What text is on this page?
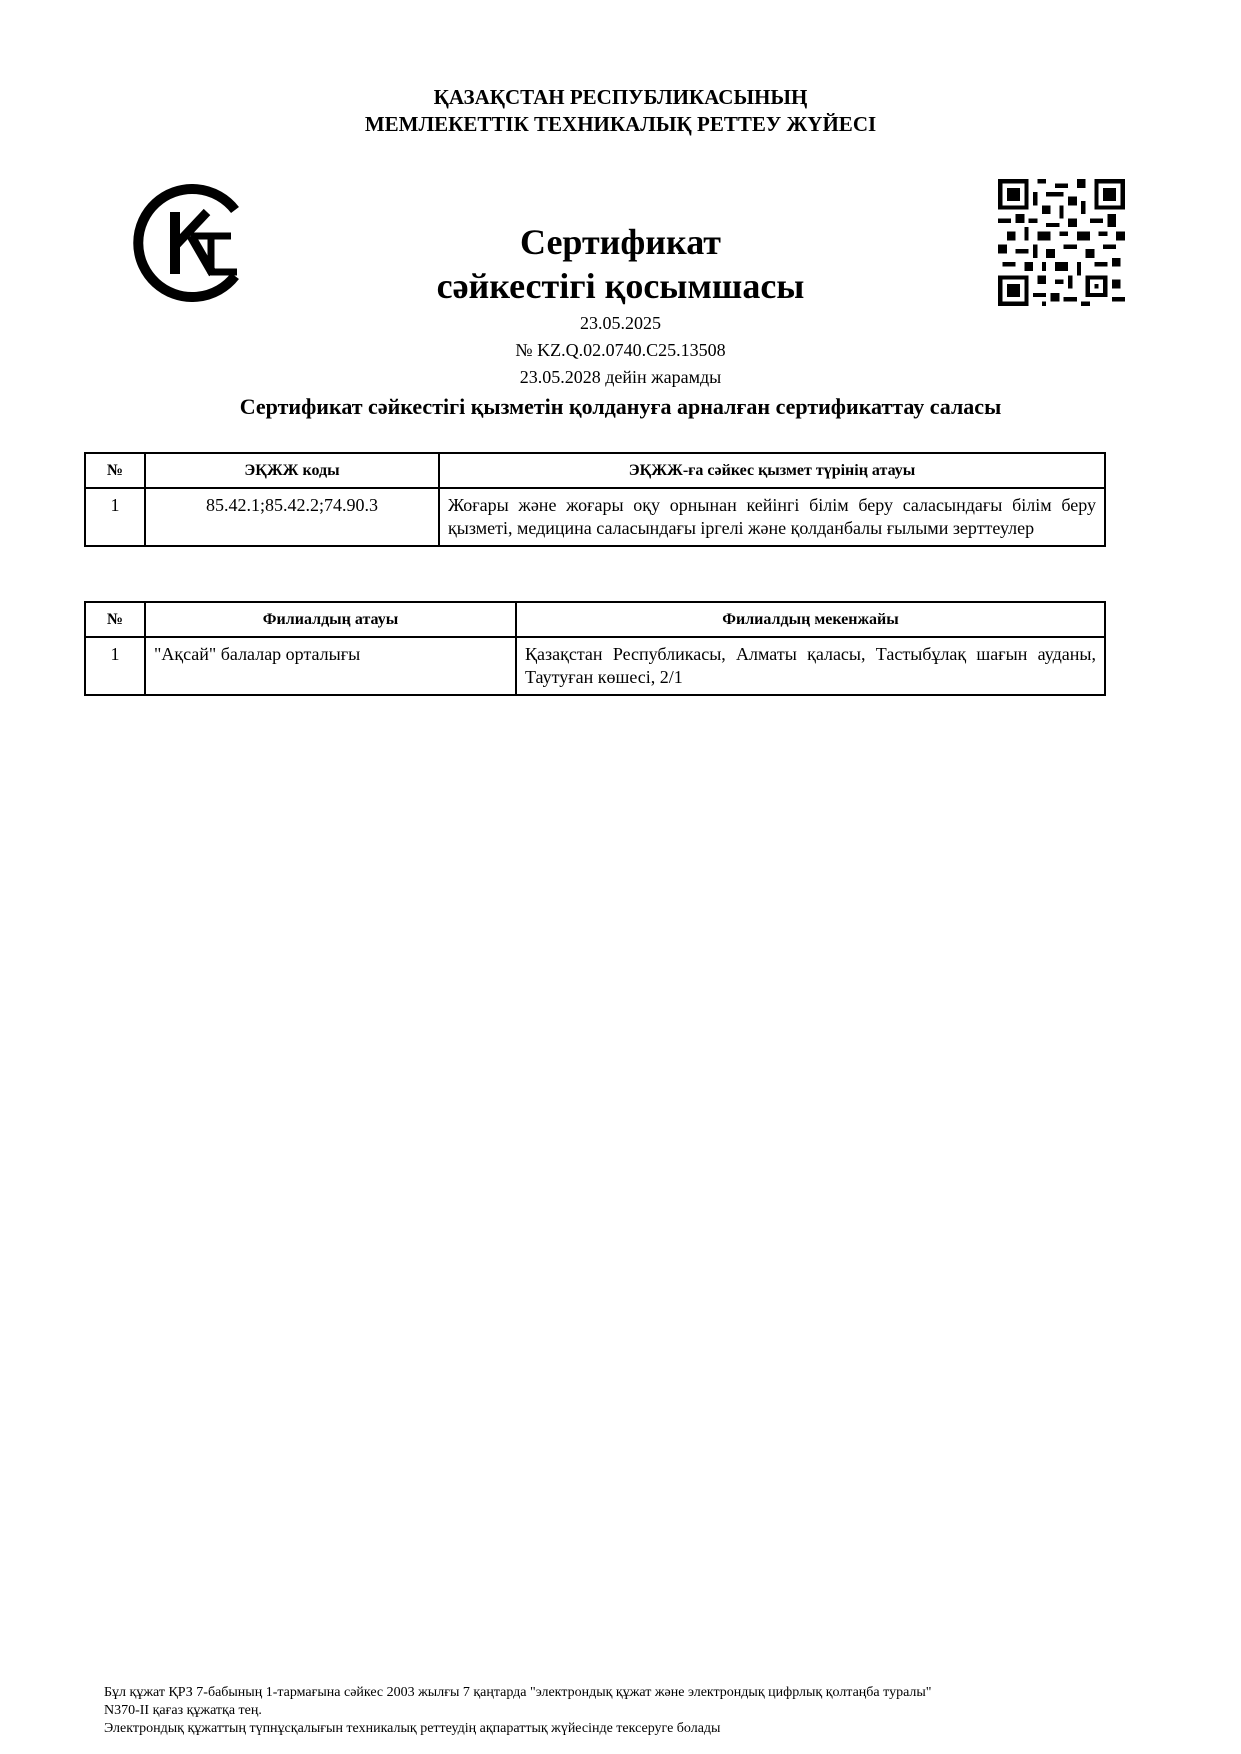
ҚАЗАҚСТАН РЕСПУБЛИКАСЫНЫҢ
МЕМЛЕКЕТТІК ТЕХНИКАЛЫҚ РЕТТЕУ ЖҮЙЕСІ
Сертификат
сәйкестігі қосымшасы
23.05.2025
№ KZ.Q.02.0740.C25.13508
23.05.2028 дейін жарамды
Сертификат сәйкестігі қызметін қолдануға арналған сертификаттау саласы
№	ЭҚЖЖ коды	ЭҚЖЖ-ға сәйкес қызмет түрінің атауы
1	85.42.1;85.42.2;74.90.3	Жоғары және жоғары оқу орнынан кейінгі білім беру саласындағы білім беру қызметі, медицина саласындағы іргелі және қолданбалы ғылыми зерттеулер
№	Филиалдың атауы	Филиалдың мекенжайы
1	"Ақсай" балалар орталығы	Қазақстан Республикасы, Алматы қаласы, Тастыбұлақ шағын ауданы, Таутуған көшесі, 2/1
Бұл құжат ҚРЗ 7-бабының 1-тармағына сәйкес 2003 жылғы 7 қаңтарда "электрондық құжат және электрондық цифрлық қолтаңба туралы"
N370-II қағаз құжатқа тең.
Электрондық құжаттың түпнұсқалығын техникалық реттеудің ақпараттық жүйесінде тексеруге болады
